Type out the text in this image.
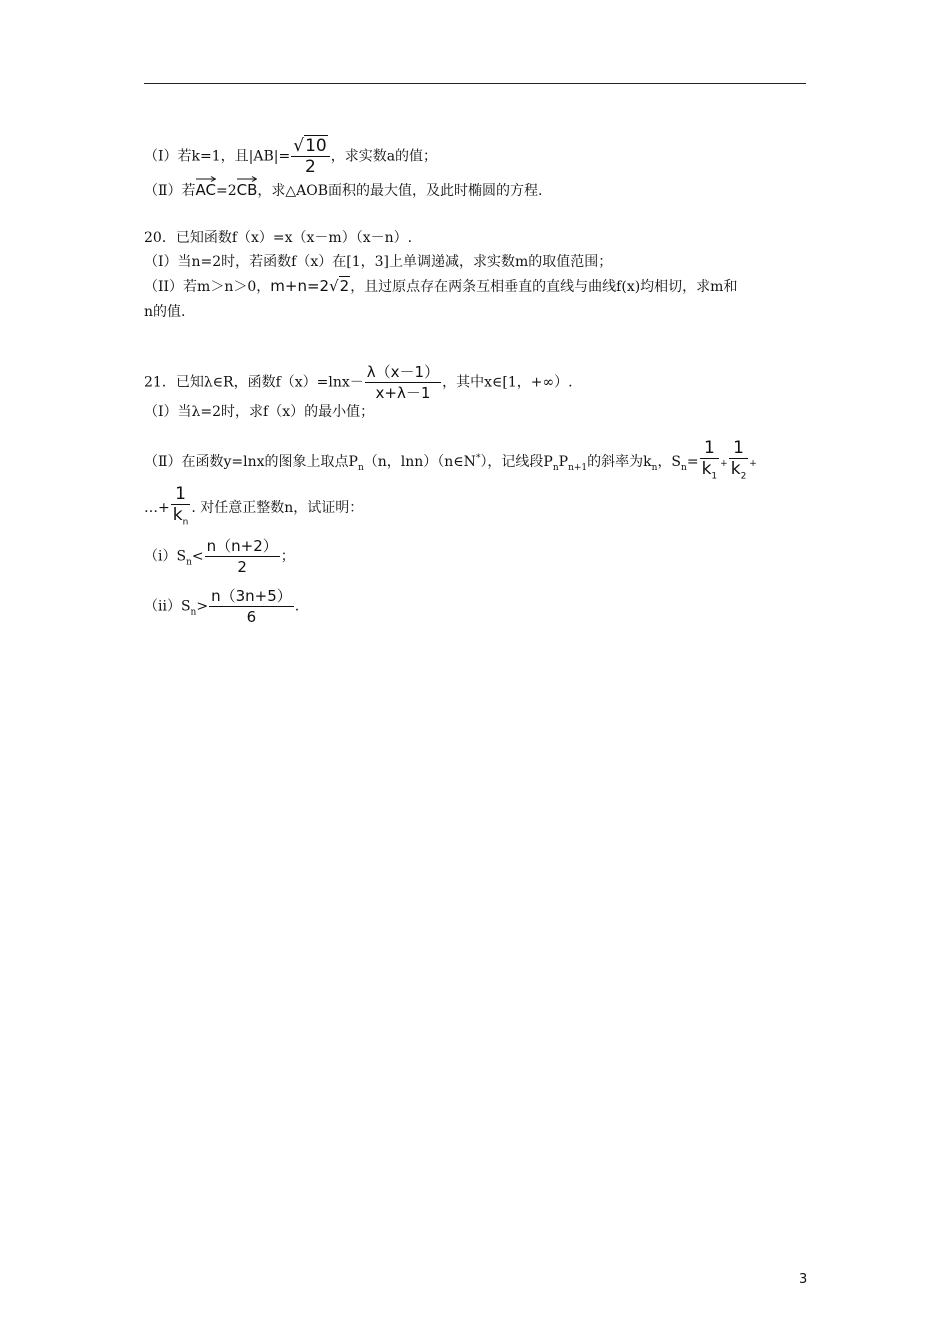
（Ⅰ）若k=1，且$|AB|= \frac{√10}{2}$ ，求实数a的值；
（Ⅱ）若
AC=2
CB，求△AOB面积的最大值，及此时椭圆的方程.
20．已知函数f（x）=x（x－m）（x－n）.
（I）当n=2时，若函数f（x）在[1，3]上单调递减，求实数m的取值范围；
（II）若m＞n＞0，m+n=2√2，且过原点存在两条互相垂直的直线与曲线f(x)均相切，求m和
n的值.
21．已知λ∈R，函数$f(x)=\ln x- \frac{\lambda(x-1)}{x+\lambda-1}$ ，其中x∈[1，+∞）.
（Ⅰ）当λ=2时，求f（x）的最小值；
（Ⅱ）在函数y=lnx的图象上取点$P_n(n$，lnn）（n∈N*），记线段$P_nP_{n+1}$的斜率为$k_n$，$S_n= \frac{1}{k_1} + \frac{1}{k_2}$ +
…+ $\frac{1}{k_n}$ . 对任意正整数n，试证明：
$(ⅰ)S_n< \frac{n(n+2)}{2}$ ；
$(ⅱ)S_n> \frac{n(3n+5)}{6}$ .
3
